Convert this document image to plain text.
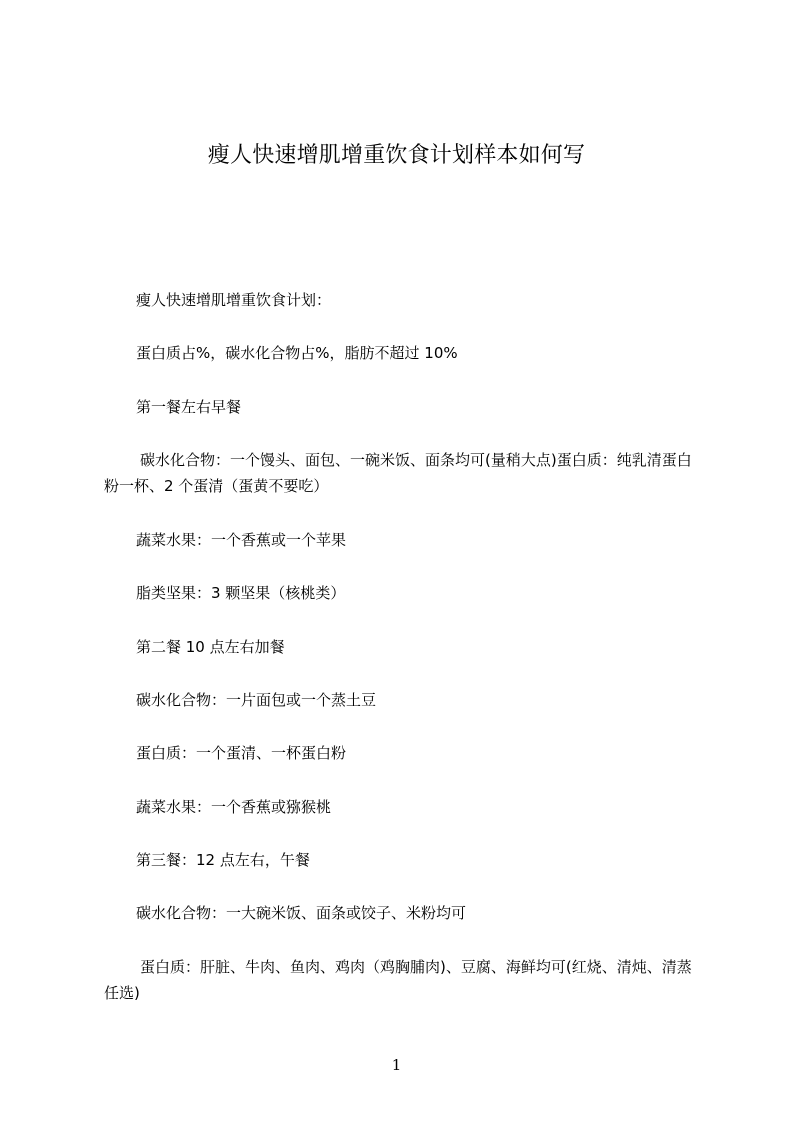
瘦人快速增肌增重饮食计划样本如何写
瘦人快速增肌增重饮食计划：
蛋白质占%，碳水化合物占%，脂肪不超过 10%
第一餐左右早餐
碳水化合物：一个馒头、面包、一碗米饭、面条均可(量稍大点)蛋白质：纯乳清蛋白粉一杯、2 个蛋清（蛋黄不要吃）
蔬菜水果：一个香蕉或一个苹果
脂类坚果：3 颗坚果（核桃类）
第二餐 10 点左右加餐
碳水化合物：一片面包或一个蒸土豆
蛋白质：一个蛋清、一杯蛋白粉
蔬菜水果：一个香蕉或猕猴桃
第三餐：12 点左右，午餐
碳水化合物：一大碗米饭、面条或饺子、米粉均可
蛋白质：肝脏、牛肉、鱼肉、鸡肉（鸡胸脯肉)、豆腐、海鲜均可(红烧、清炖、清蒸任选)
1
